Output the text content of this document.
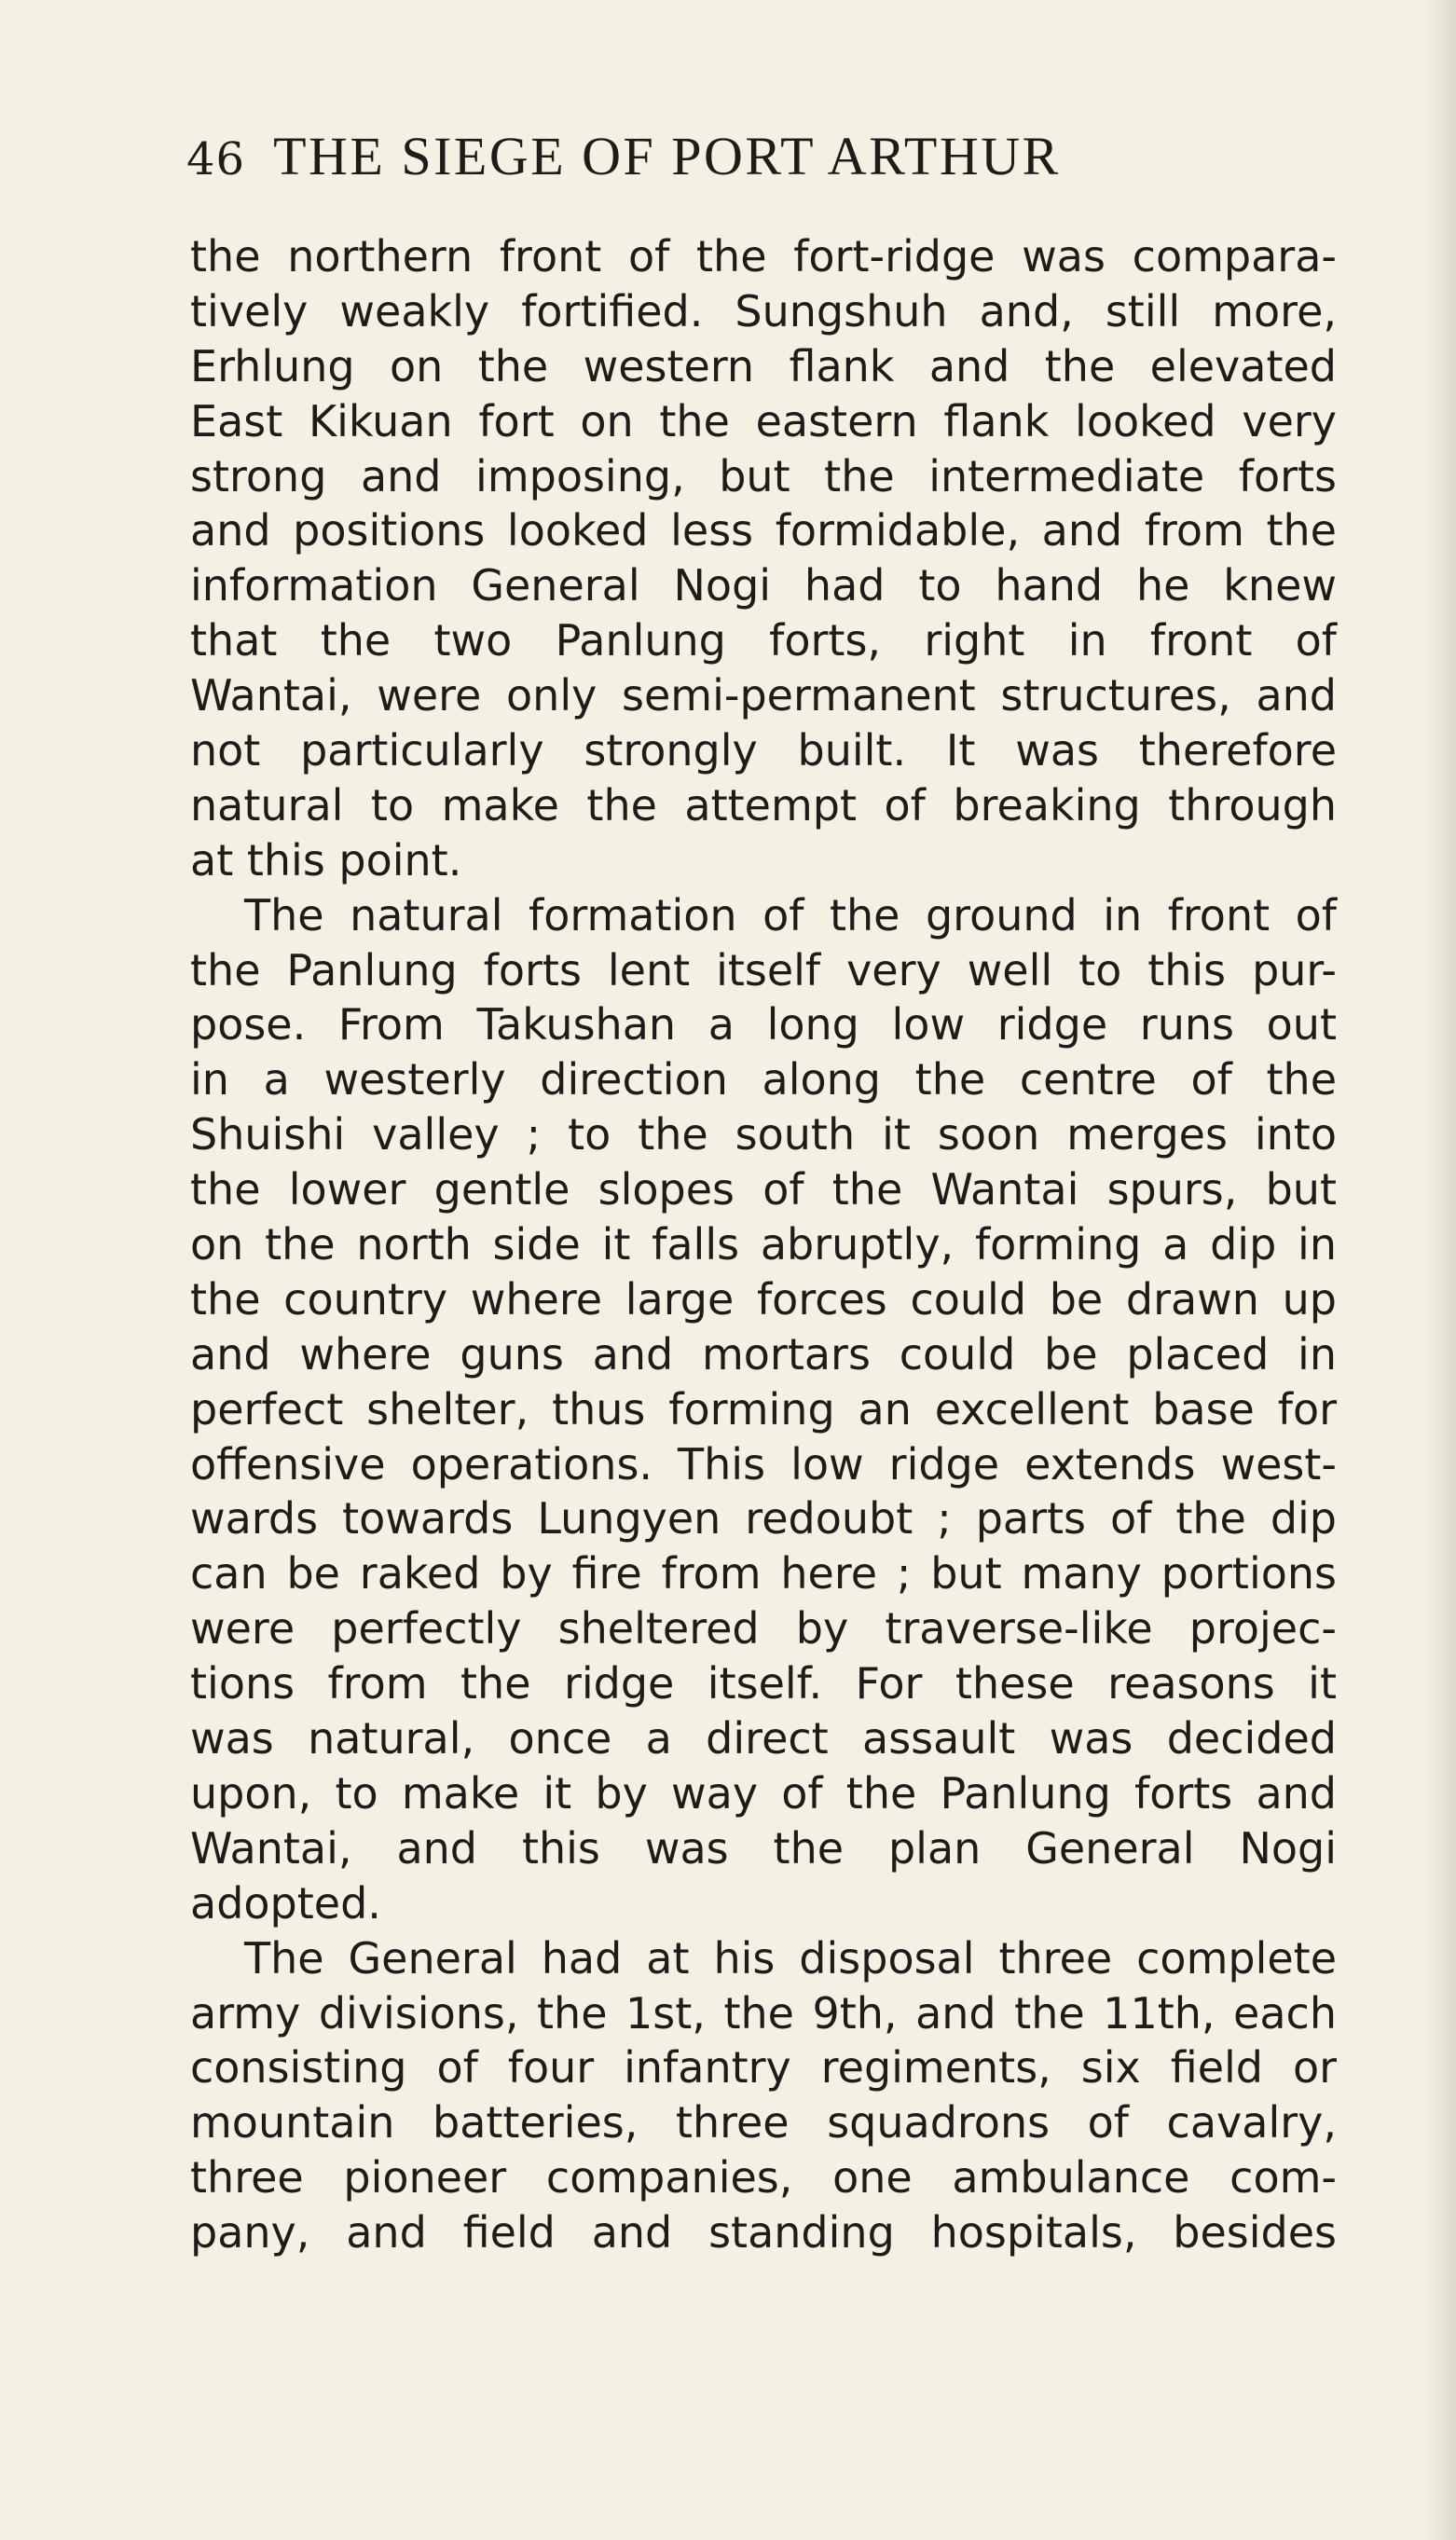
46 THE SIEGE OF PORT ARTHUR
the northern front of the fort-ridge was compara-
tively weakly fortified. Sungshuh and, still more,
Erhlung on the western flank and the elevated
East Kikuan fort on the eastern flank looked very
strong and imposing, but the intermediate forts
and positions looked less formidable, and from the
information General Nogi had to hand he knew
that the two Panlung forts, right in front of
Wantai, were only semi-permanent structures, and
not particularly strongly built. It was therefore
natural to make the attempt of breaking through
at this point.
The natural formation of the ground in front of
the Panlung forts lent itself very well to this pur-
pose. From Takushan a long low ridge runs out
in a westerly direction along the centre of the
Shuishi valley ; to the south it soon merges into
the lower gentle slopes of the Wantai spurs, but
on the north side it falls abruptly, forming a dip in
the country where large forces could be drawn up
and where guns and mortars could be placed in
perfect shelter, thus forming an excellent base for
offensive operations. This low ridge extends west-
wards towards Lungyen redoubt ; parts of the dip
can be raked by fire from here ; but many portions
were perfectly sheltered by traverse-like projec-
tions from the ridge itself. For these reasons it
was natural, once a direct assault was decided
upon, to make it by way of the Panlung forts and
Wantai, and this was the plan General Nogi
adopted.
The General had at his disposal three complete
army divisions, the 1st, the 9th, and the 11th, each
consisting of four infantry regiments, six field or
mountain batteries, three squadrons of cavalry,
three pioneer companies, one ambulance com-
pany, and field and standing hospitals, besides
